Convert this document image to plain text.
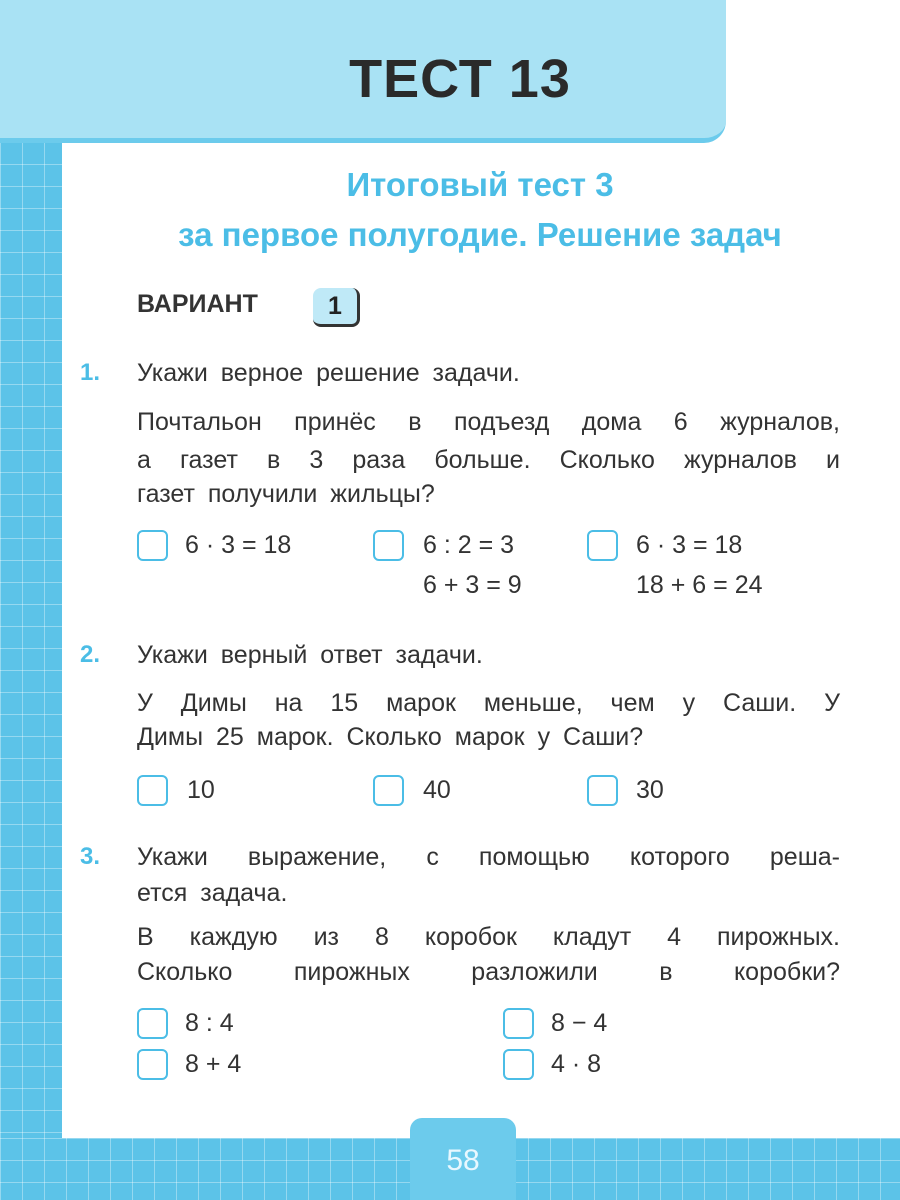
ТЕСТ 13
Итоговый тест 3
за первое полугодие. Решение задач
ВАРИАНТ	1
1. Укажи верное решение задачи.
Почтальон принёс в подъезд дома 6 журналов,
а газет в 3 раза больше. Сколько журналов и
газет получили жильцы?
6 · 3 = 18	6 : 2 = 3
6 + 3 = 9
6 · 3 = 18
18 + 6 = 24
2. Укажи верный ответ задачи.
У Димы на 15 марок меньше, чем у Саши. У
Димы 25 марок. Сколько марок у Саши?
10	40	30
3. Укажи выражение, с помощью которого реша-
ется задача.
В каждую из 8 коробок кладут 4 пирожных.
Сколько пирожных разложили в коробки?
8 : 4	8 − 4
8 + 4	4 · 8
58
